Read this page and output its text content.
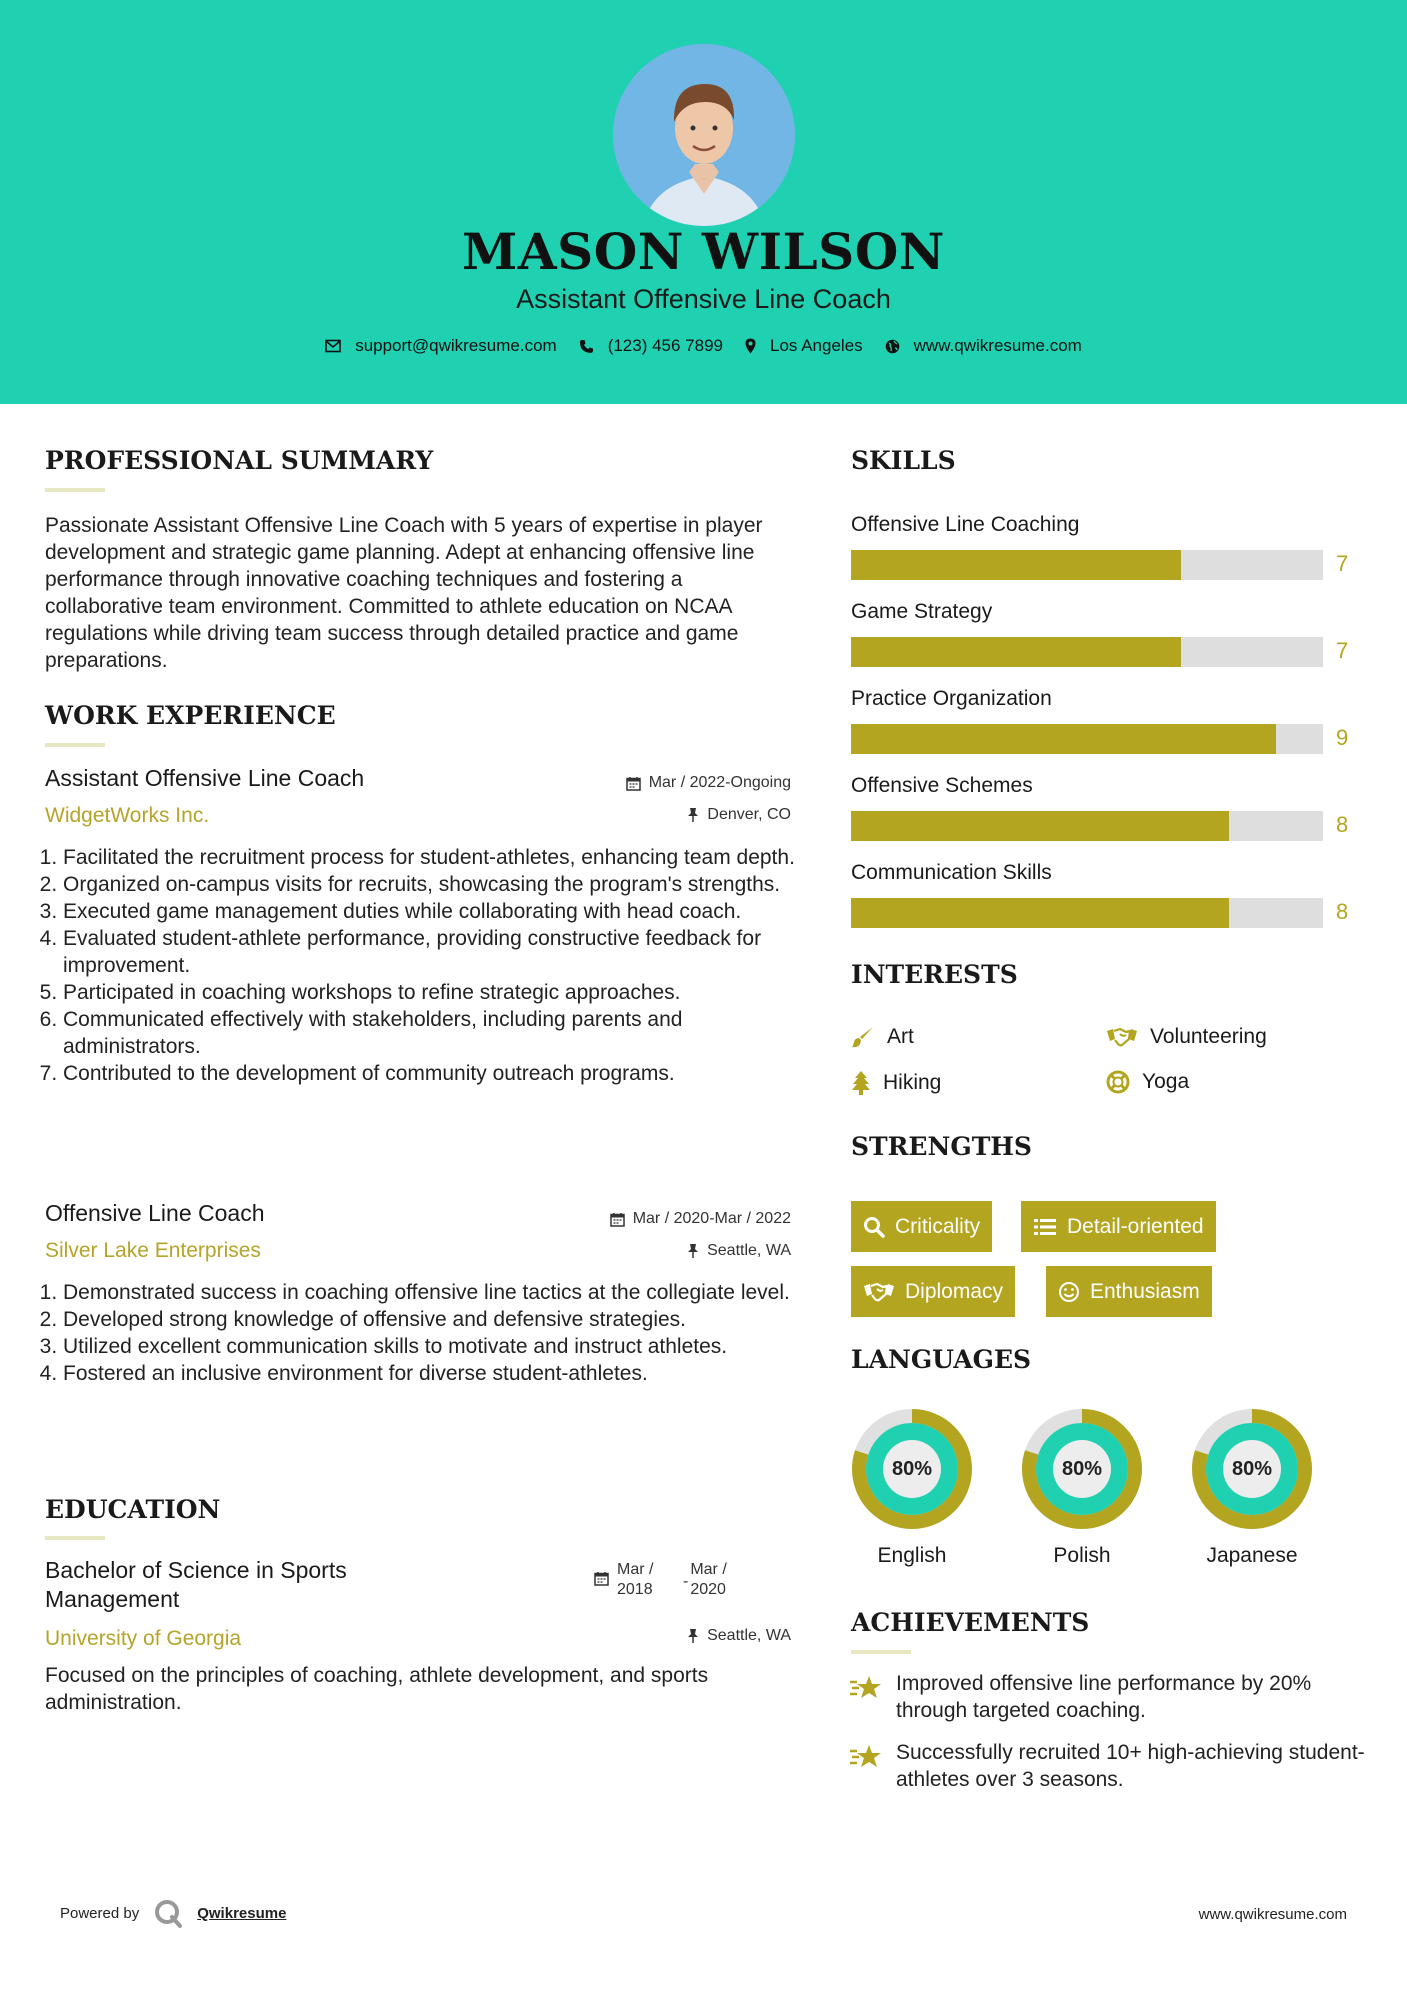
MASON WILSON
Assistant Offensive Line Coach
support@qwikresume.com	(123) 456 7899	Los Angeles	www.qwikresume.com
PROFESSIONAL SUMMARY
Passionate Assistant Offensive Line Coach with 5 years of expertise in player development and strategic game planning. Adept at enhancing offensive line performance through innovative coaching techniques and fostering a collaborative team environment. Committed to athlete education on NCAA regulations while driving team success through detailed practice and game preparations.
WORK EXPERIENCE
Assistant Offensive Line Coach
WidgetWorks Inc.
Mar / 2022-Ongoing
Denver, CO
1. Facilitated the recruitment process for student-athletes, enhancing team depth.
2. Organized on-campus visits for recruits, showcasing the program's strengths.
3. Executed game management duties while collaborating with head coach.
4. Evaluated student-athlete performance, providing constructive feedback for improvement.
5. Participated in coaching workshops to refine strategic approaches.
6. Communicated effectively with stakeholders, including parents and administrators.
7. Contributed to the development of community outreach programs.
Offensive Line Coach
Silver Lake Enterprises
Mar / 2020-Mar / 2022
Seattle, WA
1. Demonstrated success in coaching offensive line tactics at the collegiate level.
2. Developed strong knowledge of offensive and defensive strategies.
3. Utilized excellent communication skills to motivate and instruct athletes.
4. Fostered an inclusive environment for diverse student-athletes.
EDUCATION
Bachelor of Science in Sports Management
University of Georgia
Mar / 2018	-
Mar / 2020
Seattle, WA
Focused on the principles of coaching, athlete development, and sports administration.
SKILLS
Offensive Line Coaching
7
Game Strategy
7
Practice Organization
9
Offensive Schemes
8
Communication Skills
8
INTERESTS
Art	Volunteering
Hiking	Yoga
STRENGTHS
Criticality	Detail-oriented
Diplomacy	Enthusiasm
LANGUAGES
80%
English
80%
Polish
80%
Japanese
ACHIEVEMENTS
Improved offensive line performance by 20% through targeted coaching.
Successfully recruited 10+ high-achieving student-athletes over 3 seasons.
Powered by	Qwikresume	www.qwikresume.com
